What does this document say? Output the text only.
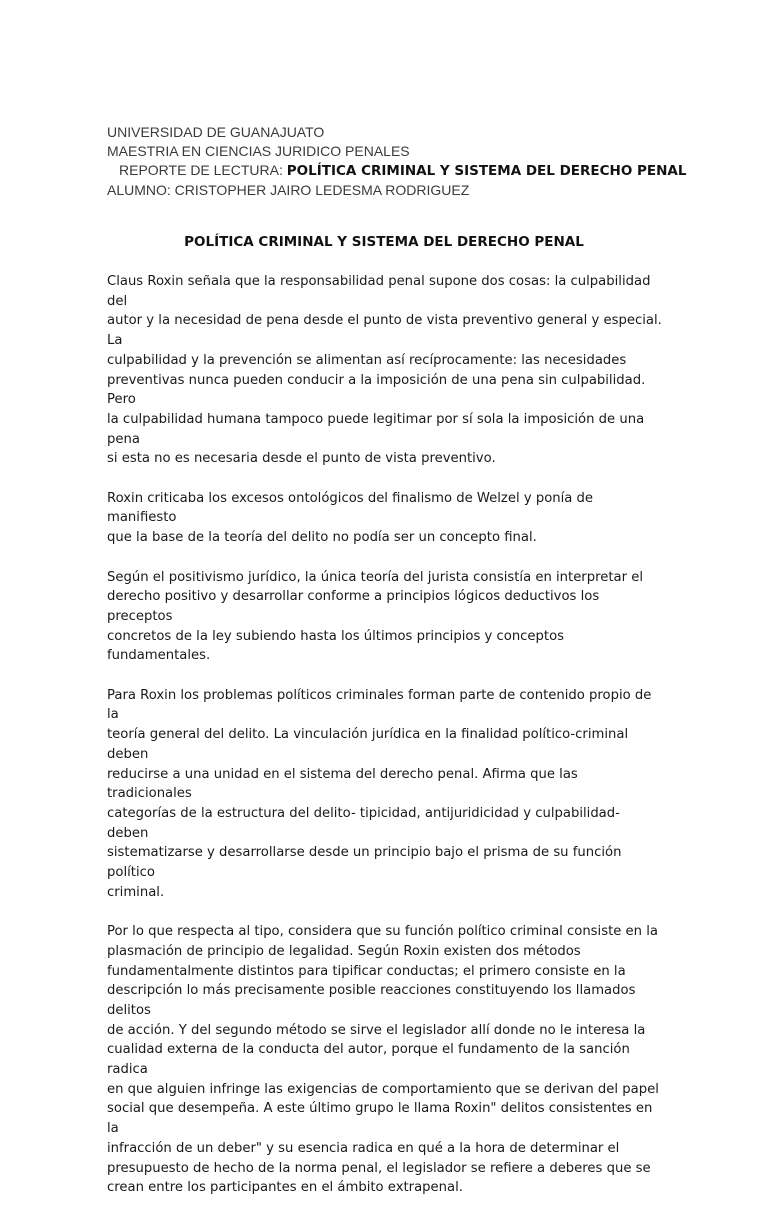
UNIVERSIDAD DE GUANAJUATO
MAESTRIA EN CIENCIAS JURIDICO PENALES
REPORTE DE LECTURA: POLÍTICA CRIMINAL Y SISTEMA DEL DERECHO PENAL
ALUMNO: CRISTOPHER JAIRO LEDESMA RODRIGUEZ
POLÍTICA CRIMINAL Y SISTEMA DEL DERECHO PENAL

Claus Roxin señala que la responsabilidad penal supone dos cosas: la culpabilidad del
autor y la necesidad de pena desde el punto de vista preventivo general y especial. La
culpabilidad y la prevención se alimentan así recíprocamente: las necesidades
preventivas nunca pueden conducir a la imposición de una pena sin culpabilidad. Pero
la culpabilidad humana tampoco puede legitimar por sí sola la imposición de una pena
si esta no es necesaria desde el punto de vista preventivo.

Roxin criticaba los excesos ontológicos del finalismo de Welzel y ponía de manifiesto
que la base de la teoría del delito no podía ser un concepto final.

Según el positivismo jurídico, la única teoría del jurista consistía en interpretar el
derecho positivo y desarrollar conforme a principios lógicos deductivos los preceptos
concretos de la ley subiendo hasta los últimos principios y conceptos fundamentales.

Para Roxin los problemas políticos criminales forman parte de contenido propio de la
teoría general del delito. La vinculación jurídica en la finalidad político-criminal deben
reducirse a una unidad en el sistema del derecho penal. Afirma que las tradicionales
categorías de la estructura del delito- tipicidad, antijuridicidad y culpabilidad- deben
sistematizarse y desarrollarse desde un principio bajo el prisma de su función político
criminal.

Por lo que respecta al tipo, considera que su función político criminal consiste en la
plasmación de principio de legalidad. Según Roxin existen dos métodos
fundamentalmente distintos para tipificar conductas; el primero consiste en la
descripción lo más precisamente posible reacciones constituyendo los llamados delitos
de acción. Y del segundo método se sirve el legislador allí donde no le interesa la
cualidad externa de la conducta del autor, porque el fundamento de la sanción radica
en que alguien infringe las exigencias de comportamiento que se derivan del papel
social que desempeña. A este último grupo le llama Roxin" delitos consistentes en la
infracción de un deber" y su esencia radica en qué a la hora de determinar el
presupuesto de hecho de la norma penal, el legislador se refiere a deberes que se
crean entre los participantes en el ámbito extrapenal.
